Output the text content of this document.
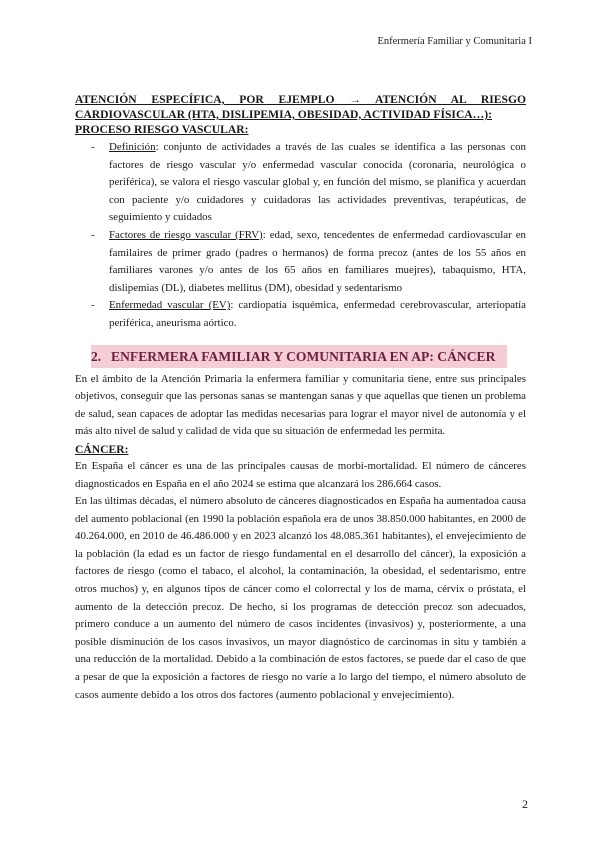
Enfermería Familiar y Comunitaria I
ATENCIÓN ESPECÍFICA, POR EJEMPLO → ATENCIÓN AL RIESGO
CARDIOVASCULAR (HTA, DISLIPEMIA, OBESIDAD, ACTIVIDAD FÍSICA…):
PROCESO RIESGO VASCULAR:
- Definición: conjunto de actividades a través de las cuales se identifica a las personas con factores de riesgo vascular y/o enfermedad vascular conocida (coronaria, neurológica o periférica), se valora el riesgo vascular global y, en función del mismo, se planifica y acuerdan con paciente y/o cuidadores y cuidadoras las actividades preventivas, terapéuticas, de seguimiento y cuidados
- Factores de riesgo vascular (FRV): edad, sexo, tencedentes de enfermedad cardiovascular en familaires de primer grado (padres o hermanos) de forma precoz (antes de los 55 años en familiares varones y/o antes de los 65 años en familiares muejres), tabaquismo, HTA, dislipemias (DL), diabetes mellitus (DM), obesidad y sedentarismo
- Enfermedad vascular (EV): cardiopatía isquémica, enfermedad cerebrovascular, arteriopatía periférica, aneurisma aórtico.
2. ENFERMERA FAMILIAR Y COMUNITARIA EN AP: CÁNCER

En el ámbito de la Atención Primaria la enfermera familiar y comunitaria tiene, entre sus principales objetivos, conseguir que las personas sanas se mantengan sanas y que aquellas que tienen un problema de salud, sean capaces de adoptar las medidas necesarias para lograr el mayor nivel de autonomía y el más alto nivel de salud y calidad de vida que su situación de enfermedad les permita.

CÁNCER:

En España el cáncer es una de las principales causas de morbi-mortalidad. El número de cánceres diagnosticados en España en el año 2024 se estima que alcanzará los 286.664 casos.

En las últimas décadas, el número absoluto de cánceres diagnosticados en España ha aumentadoa causa del aumento poblacional (en 1990 la población española era de unos 38.850.000 habitantes, en 2000 de 40.264.000, en 2010 de 46.486.000 y en 2023 alcanzó los 48.085.361 habitantes), el envejecimiento de la población (la edad es un factor de riesgo fundamental en el desarrollo del cáncer), la exposición a factores de riesgo (como el tabaco, el alcohol, la contaminación, la obesidad, el sedentarismo, entre otros muchos) y, en algunos tipos de cáncer como el colorrectal y los de mama, cérvix o próstata, el aumento de la detección precoz. De hecho, si los programas de detección precoz son adecuados, primero conduce a un aumento del número de casos incidentes (invasivos) y, posteriormente, a una posible disminución de los casos invasivos, un mayor diagnóstico de carcinomas in situ y también a una reducción de la mortalidad. Debido a la combinación de estos factores, se puede dar el caso de que a pesar de que la exposición a factores de riesgo no varíe a lo largo del tiempo, el número absoluto de casos aumente debido a los otros dos factores (aumento poblacional y envejecimiento).

2
